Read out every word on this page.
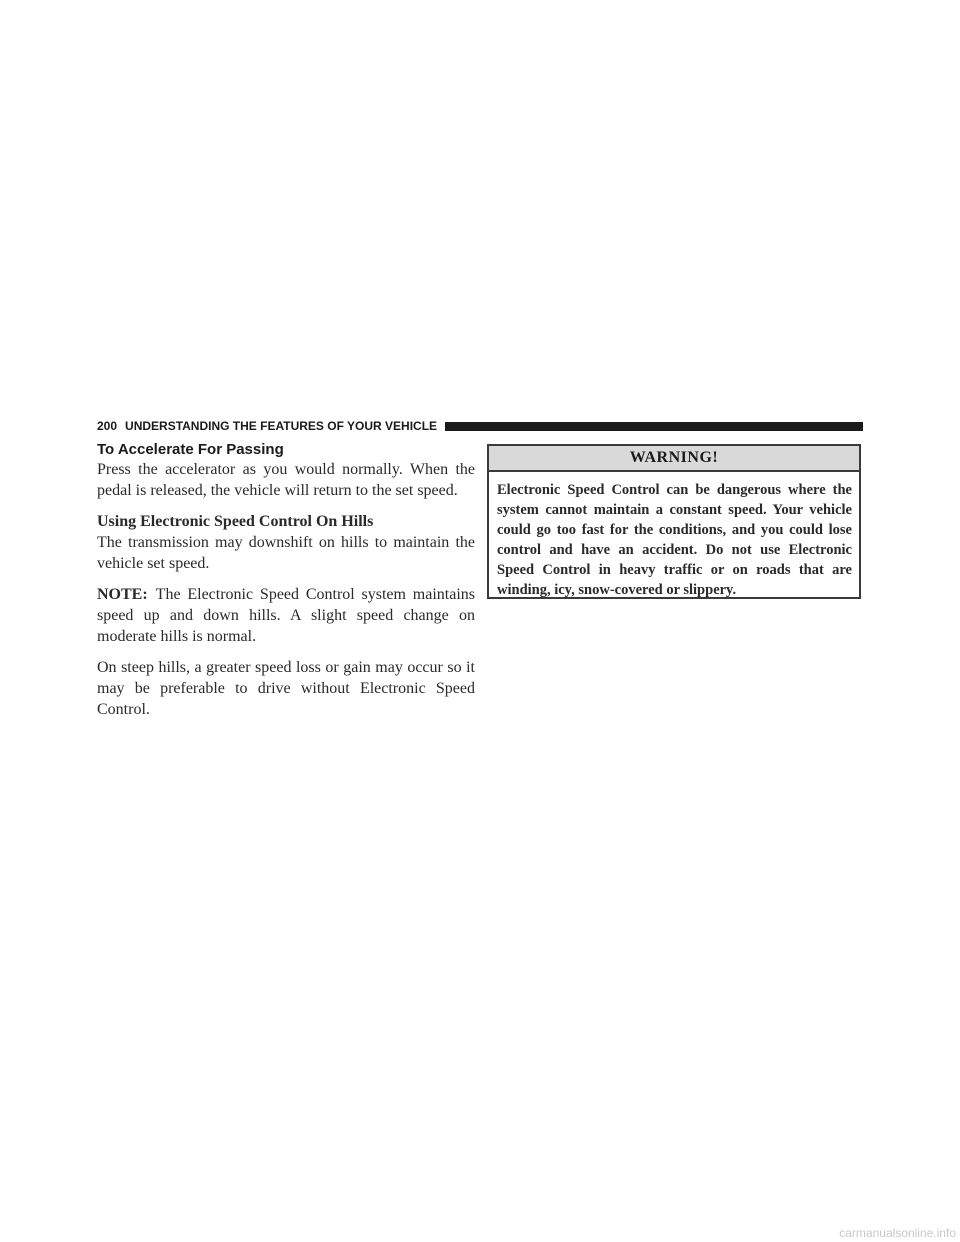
200 UNDERSTANDING THE FEATURES OF YOUR VEHICLE
To Accelerate For Passing

Press the accelerator as you would normally. When the pedal is released, the vehicle will return to the set speed.

Using Electronic Speed Control On Hills

The transmission may downshift on hills to maintain the vehicle set speed.

NOTE: The Electronic Speed Control system maintains speed up and down hills. A slight speed change on moderate hills is normal.

On steep hills, a greater speed loss or gain may occur so it may be preferable to drive without Electronic Speed Control.

WARNING!
Electronic Speed Control can be dangerous where the system cannot maintain a constant speed. Your vehicle could go too fast for the conditions, and you could lose control and have an accident. Do not use Electronic Speed Control in heavy traffic or on roads that are winding, icy, snow-covered or slippery.
carmanualsonline.info
